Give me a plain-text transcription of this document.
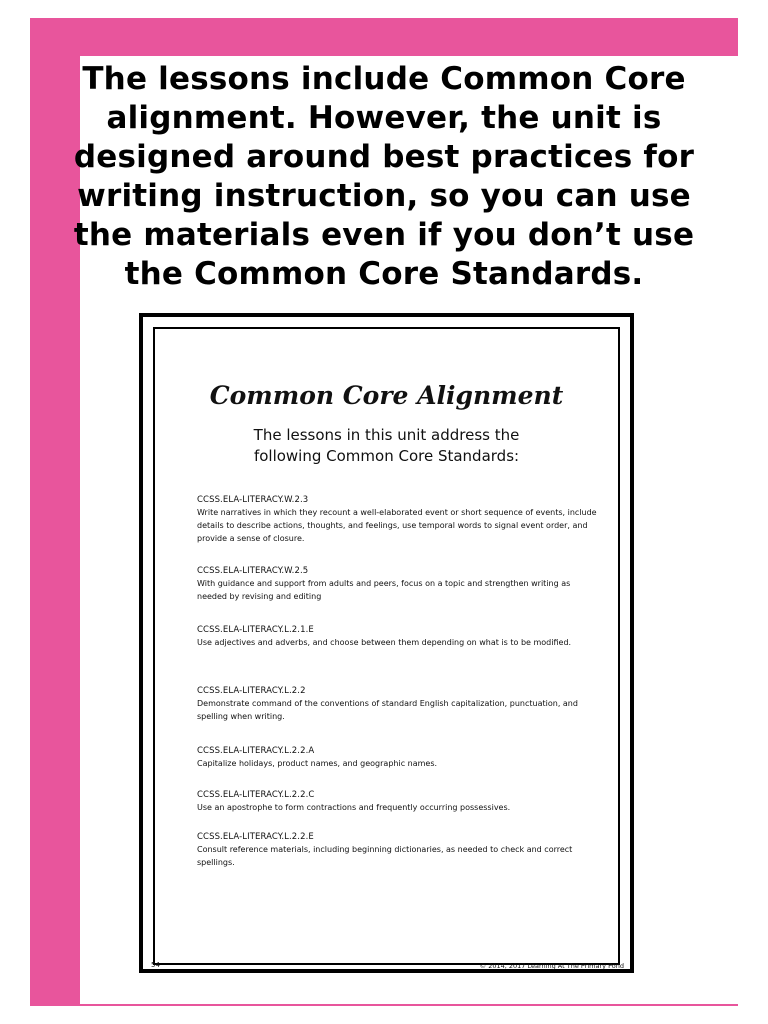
The lessons include Common Core alignment. However, the unit is designed around best practices for writing instruction, so you can use the materials even if you don’t use the Common Core Standards.

Common Core Alignment

The lessons in this unit address the
following Common Core Standards:

CCSS.ELA-LITERACY.W.2.3
Write narratives in which they recount a well-elaborated event or short sequence of events, include details to describe actions, thoughts, and feelings, use temporal words to signal event order, and provide a sense of closure.
CCSS.ELA-LITERACY.W.2.5
With guidance and support from adults and peers, focus on a topic and strengthen writing as needed by revising and editing
CCSS.ELA-LITERACY.L.2.1.E
Use adjectives and adverbs, and choose between them depending on what is to be modified.
CCSS.ELA-LITERACY.L.2.2
Demonstrate command of the conventions of standard English capitalization, punctuation, and spelling when writing.
CCSS.ELA-LITERACY.L.2.2.A
Capitalize holidays, product names, and geographic names.
CCSS.ELA-LITERACY.L.2.2.C
Use an apostrophe to form contractions and frequently occurring possessives.
CCSS.ELA-LITERACY.L.2.2.E
Consult reference materials, including beginning dictionaries, as needed to check and correct spellings.
54	© 2014, 2017 Learning At The Primary Pond
